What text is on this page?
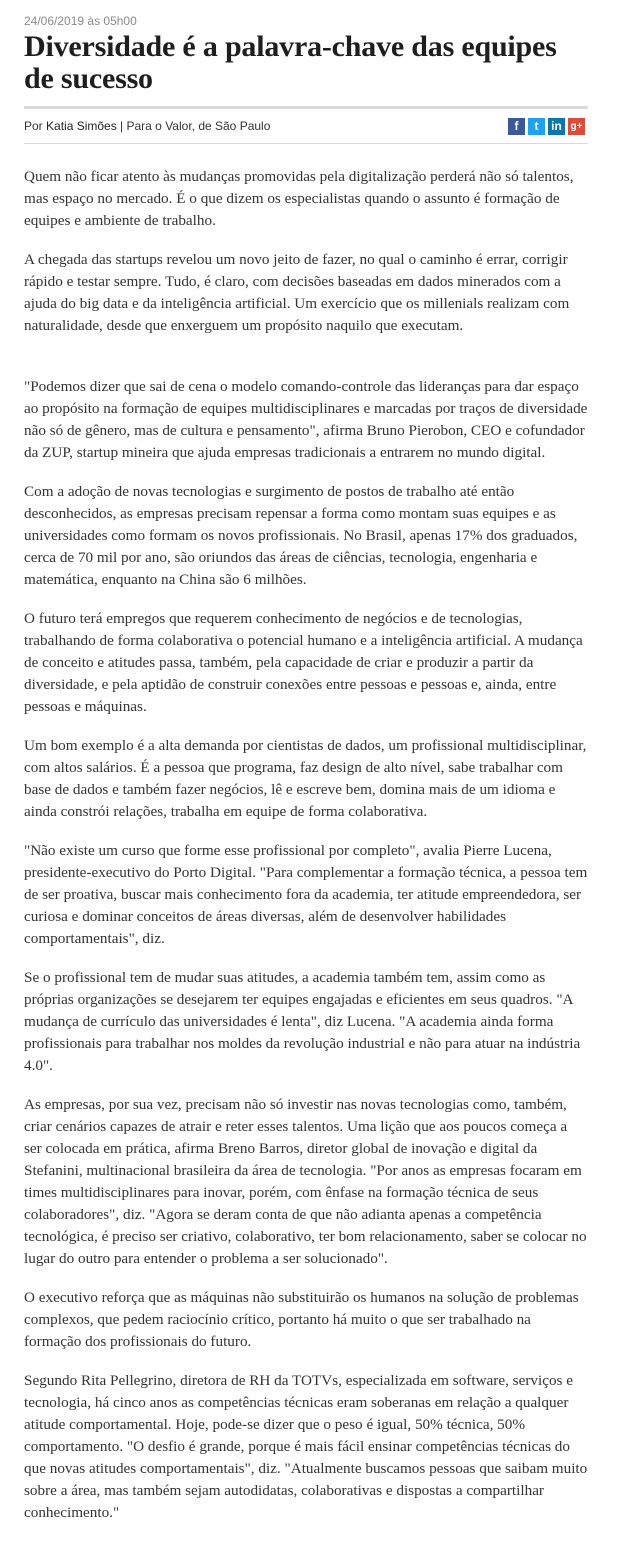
24/06/2019 às 05h00
Diversidade é a palavra-chave das equipes de sucesso
Por Katia Simões | Para o Valor, de São Paulo	f	t	in g+

Quem não ficar atento às mudanças promovidas pela digitalização perderá não só talentos, mas espaço no mercado. É o que dizem os especialistas quando o assunto é formação de equipes e ambiente de trabalho.

A chegada das startups revelou um novo jeito de fazer, no qual o caminho é errar, corrigir rápido e testar sempre. Tudo, é claro, com decisões baseadas em dados minerados com a ajuda do big data e da inteligência artificial. Um exercício que os millenials realizam com naturalidade, desde que enxerguem um propósito naquilo que executam.

"Podemos dizer que sai de cena o modelo comando-controle das lideranças para dar espaço ao propósito na formação de equipes multidisciplinares e marcadas por traços de diversidade não só de gênero, mas de cultura e pensamento", afirma Bruno Pierobon, CEO e cofundador da ZUP, startup mineira que ajuda empresas tradicionais a entrarem no mundo digital.

Com a adoção de novas tecnologias e surgimento de postos de trabalho até então desconhecidos, as empresas precisam repensar a forma como montam suas equipes e as universidades como formam os novos profissionais. No Brasil, apenas 17% dos graduados, cerca de 70 mil por ano, são oriundos das áreas de ciências, tecnologia, engenharia e matemática, enquanto na China são 6 milhões.

O futuro terá empregos que requerem conhecimento de negócios e de tecnologias, trabalhando de forma colaborativa o potencial humano e a inteligência artificial. A mudança de conceito e atitudes passa, também, pela capacidade de criar e produzir a partir da diversidade, e pela aptidão de construir conexões entre pessoas e pessoas e, ainda, entre pessoas e máquinas.

Um bom exemplo é a alta demanda por cientistas de dados, um profissional multidisciplinar, com altos salários. É a pessoa que programa, faz design de alto nível, sabe trabalhar com base de dados e também fazer negócios, lê e escreve bem, domina mais de um idioma e ainda constrói relações, trabalha em equipe de forma colaborativa.

"Não existe um curso que forme esse profissional por completo", avalia Pierre Lucena, presidente-executivo do Porto Digital. "Para complementar a formação técnica, a pessoa tem de ser proativa, buscar mais conhecimento fora da academia, ter atitude empreendedora, ser curiosa e dominar conceitos de áreas diversas, além de desenvolver habilidades comportamentais", diz.

Se o profissional tem de mudar suas atitudes, a academia também tem, assim como as próprias organizações se desejarem ter equipes engajadas e eficientes em seus quadros. "A mudança de currículo das universidades é lenta", diz Lucena. "A academia ainda forma profissionais para trabalhar nos moldes da revolução industrial e não para atuar na indústria 4.0".

As empresas, por sua vez, precisam não só investir nas novas tecnologias como, também, criar cenários capazes de atrair e reter esses talentos. Uma lição que aos poucos começa a ser colocada em prática, afirma Breno Barros, diretor global de inovação e digital da Stefanini, multinacional brasileira da área de tecnologia. "Por anos as empresas focaram em times multidisciplinares para inovar, porém, com ênfase na formação técnica de seus colaboradores", diz. "Agora se deram conta de que não adianta apenas a competência tecnológica, é preciso ser criativo, colaborativo, ter bom relacionamento, saber se colocar no lugar do outro para entender o problema a ser solucionado".

O executivo reforça que as máquinas não substituirão os humanos na solução de problemas complexos, que pedem raciocínio crítico, portanto há muito o que ser trabalhado na formação dos profissionais do futuro.

Segundo Rita Pellegrino, diretora de RH da TOTVs, especializada em software, serviços e tecnologia, há cinco anos as competências técnicas eram soberanas em relação a qualquer atitude comportamental. Hoje, pode-se dizer que o peso é igual, 50% técnica, 50% comportamento. "O desfio é grande, porque é mais fácil ensinar competências técnicas do que novas atitudes comportamentais", diz. "Atualmente buscamos pessoas que saibam muito sobre a área, mas também sejam autodidatas, colaborativas e dispostas a compartilhar conhecimento."
